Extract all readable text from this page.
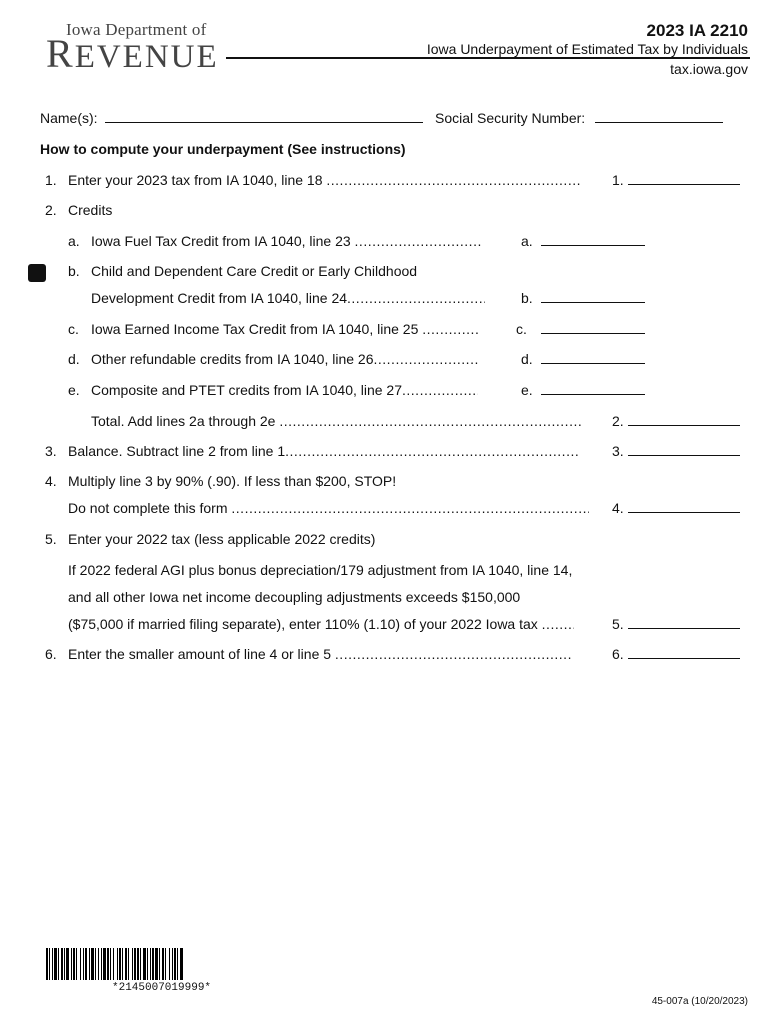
Iowa Department of
REVENUE
2023 IA 2210
Iowa Underpayment of Estimated Tax by Individuals
tax.iowa.gov
Name(s):	Social Security Number:
How to compute your underpayment (See instructions)
1. Enter your 2023 tax from IA 1040, line 18 .....	1.
2. Credits
a. Iowa Fuel Tax Credit from IA 1040, line 23 .....	a.
b. Child and Dependent Care Credit or Early Childhood
Development Credit from IA 1040, line 24 .....	b.
c. Iowa Earned Income Tax Credit from IA 1040, line 25 .....	c.
d. Other refundable credits from IA 1040, line 26 .....	d.
e. Composite and PTET credits from IA 1040, line 27 .....	e.
Total. Add lines 2a through 2e .....	2.
3. Balance. Subtract line 2 from line 1 .....	3.
4. Multiply line 3 by 90% (.90). If less than $200, STOP!
Do not complete this form .....	4.
5. Enter your 2022 tax (less applicable 2022 credits)
If 2022 federal AGI plus bonus depreciation/179 adjustment from IA 1040, line 14,
and all other Iowa net income decoupling adjustments exceeds $150,000
($75,000 if married filing separate), enter 110% (1.10) of your 2022 Iowa tax .....	5.
6. Enter the smaller amount of line 4 or line 5 .....	6.
*2145007019999*
45-007a (10/20/2023)
